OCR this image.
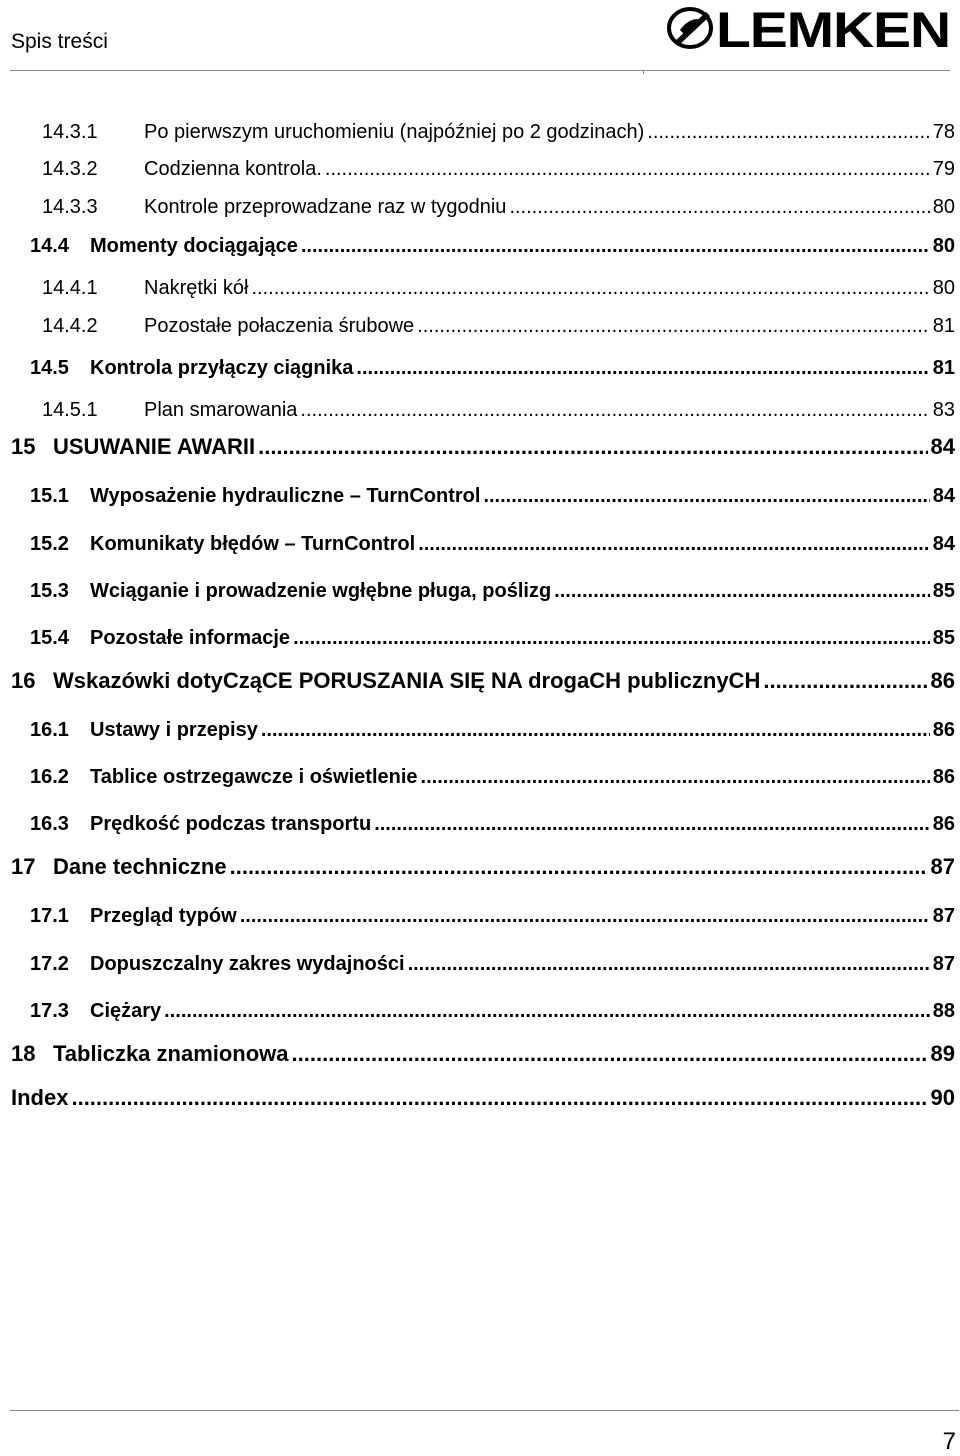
Spis treści	LEMKEN
14.3.1	Po pierwszym uruchomieniu (najpóźniej po 2 godzinach) .....	78
14.3.2	Codzienna kontrola. .....	79
14.3.3	Kontrole przeprowadzane raz w tygodniu .....	80
14.4	Momenty dociągające .....	80
14.4.1	Nakrętki kół .....	80
14.4.2	Pozostałe połaczenia śrubowe .....	81
14.5	Kontrola przyłączy ciągnika .....	81
14.5.1	Plan smarowania .....	83
15 USUWANIE AWARII .....	84
15.1	Wyposażenie hydrauliczne – TurnControl .....	84
15.2	Komunikaty błędów – TurnControl .....	84
15.3	Wciąganie i prowadzenie wgłębne pługa, poślizg .....	85
15.4	Pozostałe informacje .....	85
16 Wskazówki dotyCząCE PORUSZANIA SIĘ NA drogaCH publicznyCH .....	86
16.1	Ustawy i przepisy .....	86
16.2	Tablice ostrzegawcze i oświetlenie .....	86
16.3	Prędkość podczas transportu .....	86
17 Dane techniczne .....	87
17.1	Przegląd typów .....	87
17.2	Dopuszczalny zakres wydajności .....	87
17.3	Ciężary .....	88
18 Tabliczka znamionowa .....	89
Index .....	90
7
